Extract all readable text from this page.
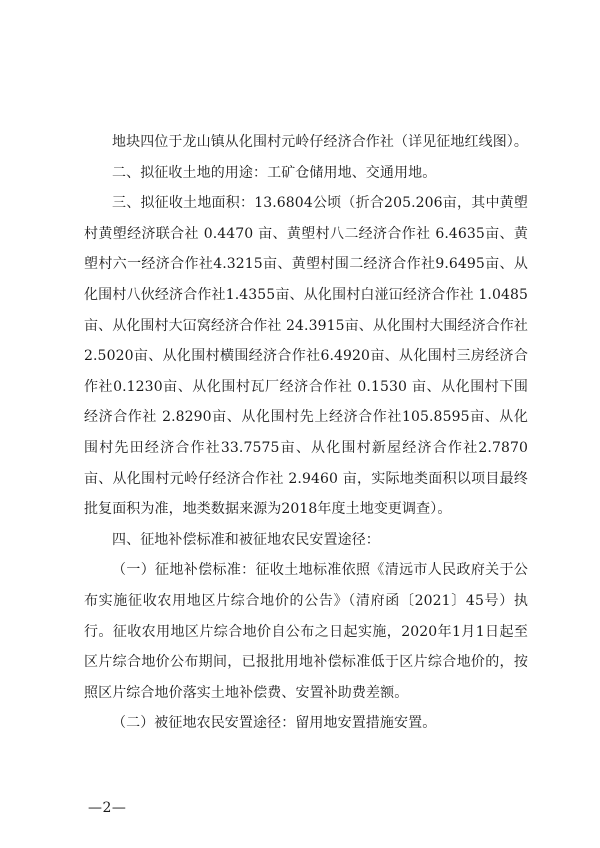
地块四位于龙山镇从化围村元岭仔经济合作社（详见征地红线图）。

二、拟征收土地的用途：工矿仓储用地、交通用地。

三、拟征收土地面积：13.6804公顷（折合205.206亩，其中黄塱村黄塱经济联合社 0.4470 亩、黄塱村八二经济合作社 6.4635亩、黄塱村六一经济合作社4.3215亩、黄塱村围二经济合作社9.6495亩、从化围村八伙经济合作社1.4355亩、从化围村白湴冚经济合作社 1.0485 亩、从化围村大冚窝经济合作社 24.3915亩、从化围村大围经济合作社2.5020亩、从化围村横围经济合作社6.4920亩、从化围村三房经济合作社0.1230亩、从化围村瓦厂经济合作社 0.1530 亩、从化围村下围经济合作社 2.8290亩、从化围村先上经济合作社105.8595亩、从化围村先田经济合作社33.7575亩、从化围村新屋经济合作社2.7870亩、从化围村元岭仔经济合作社 2.9460 亩，实际地类面积以项目最终批复面积为准，地类数据来源为2018年度土地变更调查）。

四、征地补偿标准和被征地农民安置途径：

（一）征地补偿标准：征收土地标准依照《清远市人民政府关于公布实施征收农用地区片综合地价的公告》（清府函〔2021〕45号）执行。征收农用地区片综合地价自公布之日起实施，2020年1月1日起至区片综合地价公布期间，已报批用地补偿标准低于区片综合地价的，按照区片综合地价落实土地补偿费、安置补助费差额。

（二）被征地农民安置途径：留用地安置措施安置。

—2—
